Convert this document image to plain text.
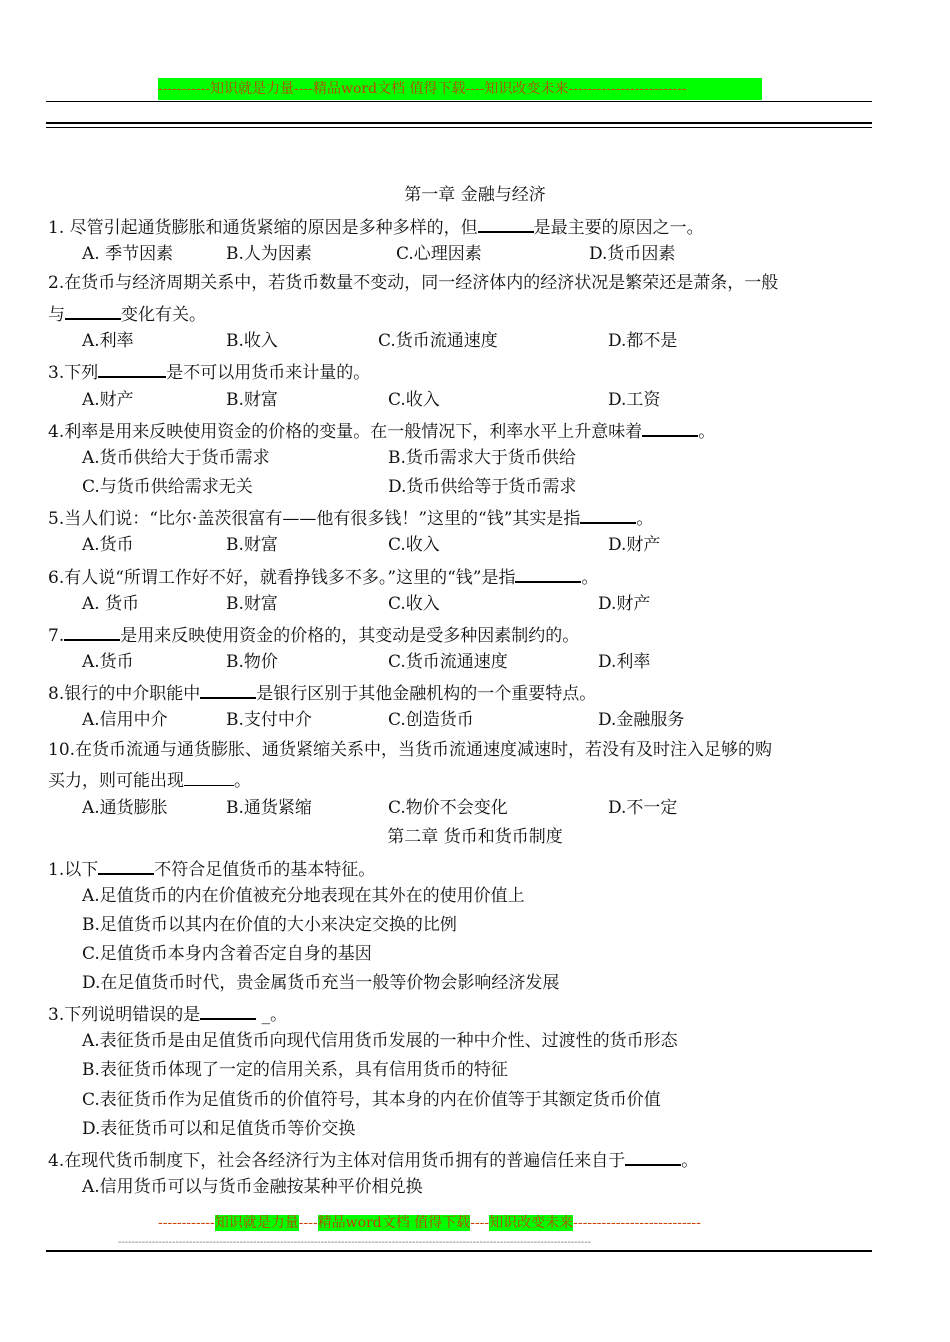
-----------知识就是力量----精品word文档 值得下载----知识改变未来-------------------------
第一章 金融与经济
1. 尽管引起通货膨胀和通货紧缩的原因是多种多样的，但	是最主要的原因之一。
A. 季节因素	B.人为因素	C.心理因素	D.货币因素
2.在货币与经济周期关系中，若货币数量不变动，同一经济体内的经济状况是繁荣还是萧条，一般
与	变化有关。
A.利率	B.收入	C.货币流通速度	D.都不是
3.下列	是不可以用货币来计量的。
A.财产	B.财富	C.收入	D.工资
4.利率是用来反映使用资金的价格的变量。在一般情况下，利率水平上升意味着	。
A.货币供给大于货币需求	B.货币需求大于货币供给
C.与货币供给需求无关	D.货币供给等于货币需求
5.当人们说：“比尔·盖茨很富有——他有很多钱！”这里的“钱”其实是指	。
A.货币	B.财富	C.收入	D.财产
6.有人说“所谓工作好不好，就看挣钱多不多。”这里的“钱”是指	。
A. 货币	B.财富	C.收入	D.财产
7.	是用来反映使用资金的价格的，其变动是受多种因素制约的。
A.货币	B.物价	C.货币流通速度	D.利率
8.银行的中介职能中	是银行区别于其他金融机构的一个重要特点。
A.信用中介	B.支付中介	C.创造货币	D.金融服务
10.在货币流通与通货膨胀、通货紧缩关系中，当货币流通速度减速时，若没有及时注入足够的购
买力，则可能出现	。
A.通货膨胀	B.通货紧缩	C.物价不会变化	D.不一定
第二章 货币和货币制度
1.以下	不符合足值货币的基本特征。
A.足值货币的内在价值被充分地表现在其外在的使用价值上
B.足值货币以其内在价值的大小来决定交换的比例
C.足值货币本身内含着否定自身的基因
D.在足值货币时代，贵金属货币充当一般等价物会影响经济发展
3.下列说明错误的是	_。
A.表征货币是由足值货币向现代信用货币发展的一种中介性、过渡性的货币形态
B.表征货币体现了一定的信用关系，具有信用货币的特征
C.表征货币作为足值货币的价值符号，其本身的内在价值等于其额定货币价值
D.表征货币可以和足值货币等价交换
4.在现代货币制度下，社会各经济行为主体对信用货币拥有的普遍信任来自于	。
A.信用货币可以与货币金融按某种平价相兑换
------------知识就是力量----精品word文档 值得下载----知识改变未来---------------------------
--------------------------------------------------------------------------------------------------------------------------------------------
